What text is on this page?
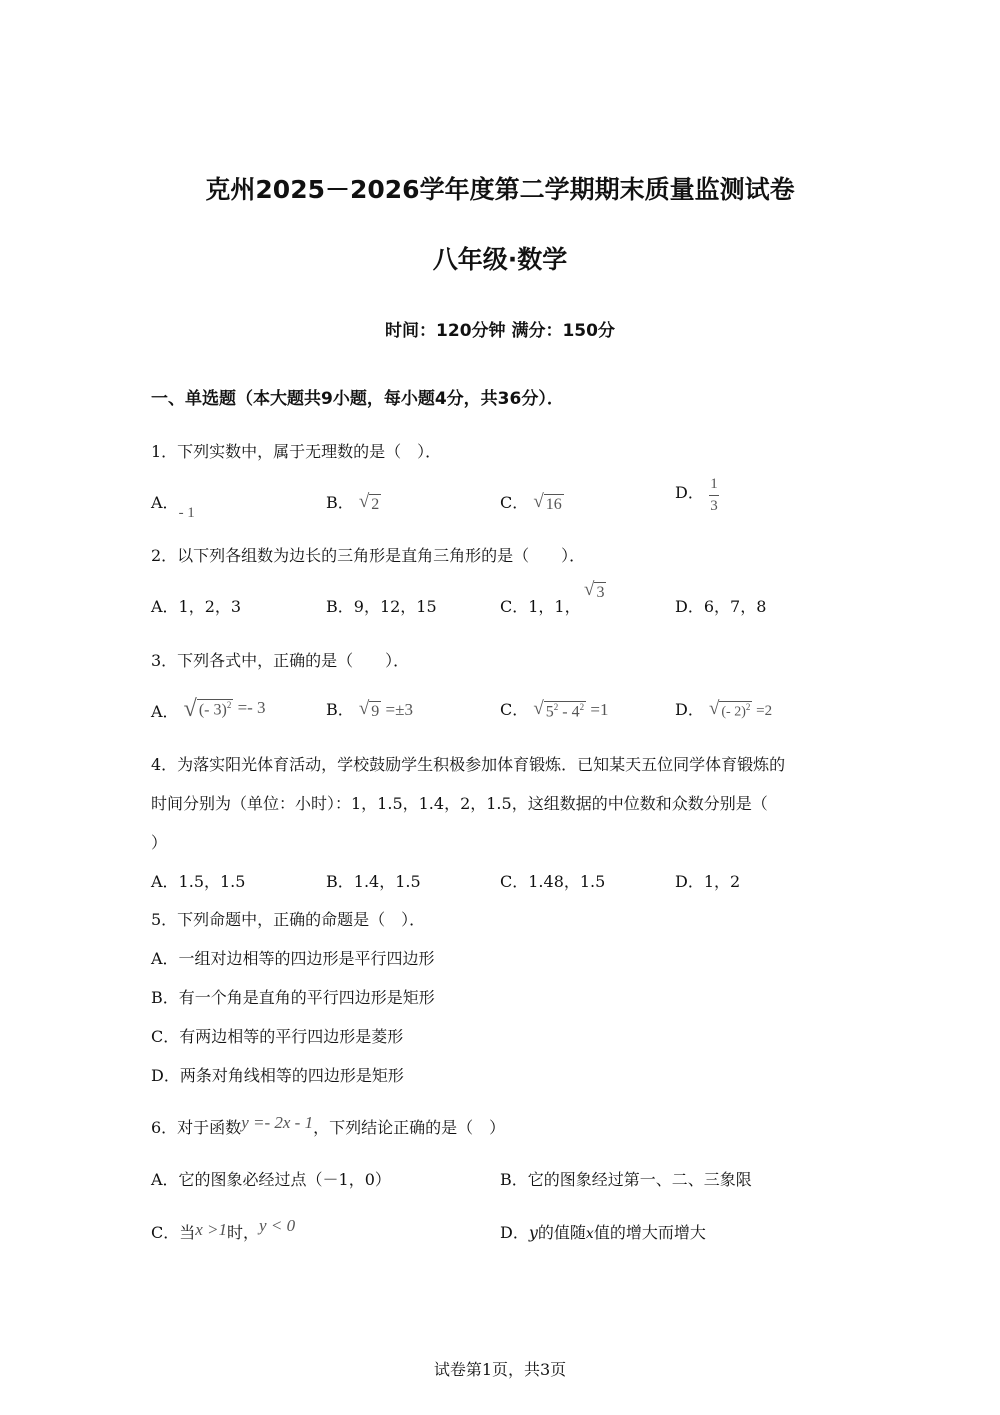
克州2025－2026学年度第二学期期末质量监测试卷
八年级·数学
时间：120分钟 满分：150分
一、单选题（本大题共9小题，每小题4分，共36分）．
1．下列实数中，属于无理数的是（　）．
A．- 1
B． √ 2	C． √ 16
D． $\frac{1}{3}$
2．以下列各组数为边长的三角形是直角三角形的是（　　）．
A．1，2，3	B．9，12，15	C．1，1，
√ 3
D．6，7，8
3．下列各式中，正确的是（　　）．
A． √ (- 3)$^2$ =- 3	B． √ 9 =±3	C． √ $5^2 - 4^2 =1$	D． √ (- 2)$^2$ =2
4．为落实阳光体育活动，学校鼓励学生积极参加体育锻炼．已知某天五位同学体育锻炼的
时间分别为（单位：小时）：1，1.5，1.4，2，1.5，这组数据的中位数和众数分别是（
）
A．1.5，1.5	B．1.4，1.5	C．1.48，1.5	D．1，2
5．下列命题中，正确的命题是（　）．
A．一组对边相等的四边形是平行四边形
B．有一个角是直角的平行四边形是矩形
C．有两边相等的平行四边形是菱形
D．两条对角线相等的四边形是矩形
6．对于函数y =- 2x - 1，下列结论正确的是（　）
A．它的图象必经过点（－1，0）	B．它的图象经过第一、二、三象限
C．当x >1时，y < 0	D．y的值随x值的增大而增大
试卷第1页，共3页
